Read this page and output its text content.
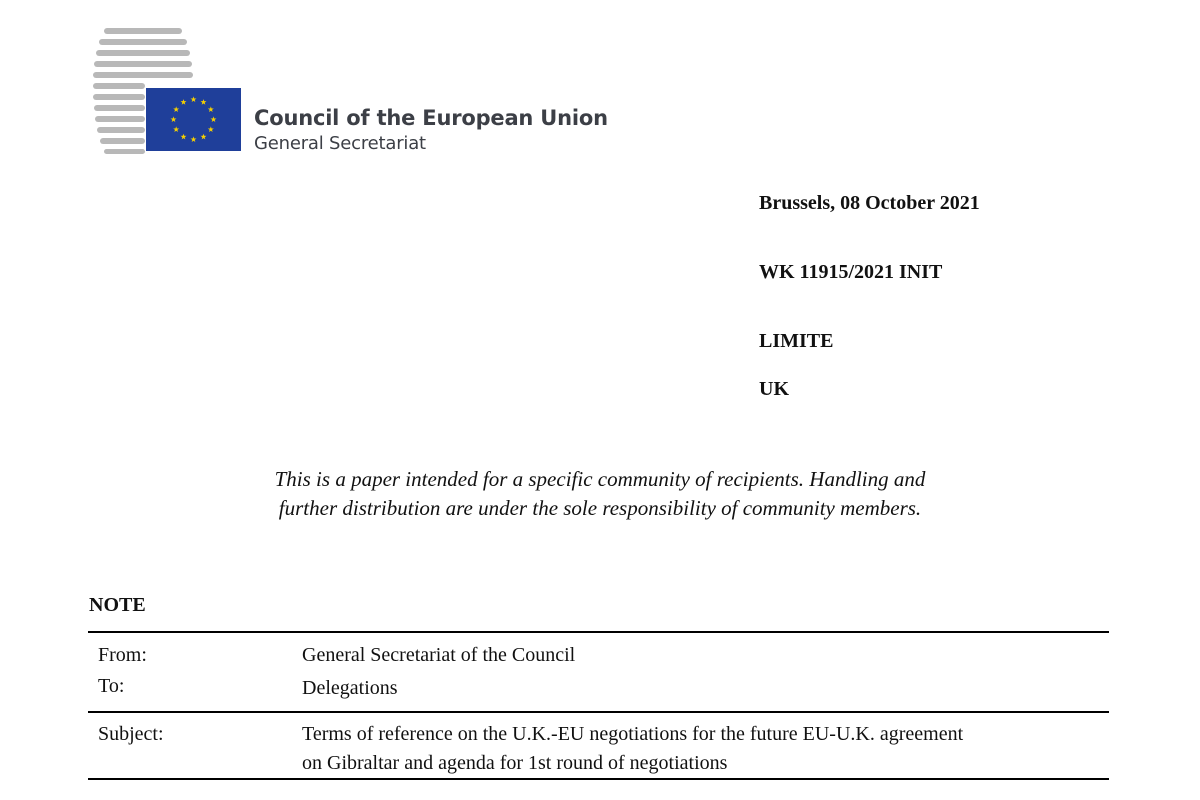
Council of the European Union
General Secretariat
Brussels, 08 October 2021
WK 11915/2021 INIT
LIMITE
UK
This is a paper intended for a specific community of recipients. Handling and
further distribution are under the sole responsibility of community members.
NOTE
From:	General Secretariat of the Council
To:	Delegations
Subject:	Terms of reference on the U.K.-EU negotiations for the future EU-U.K. agreement
on Gibraltar and agenda for 1st round of negotiations
